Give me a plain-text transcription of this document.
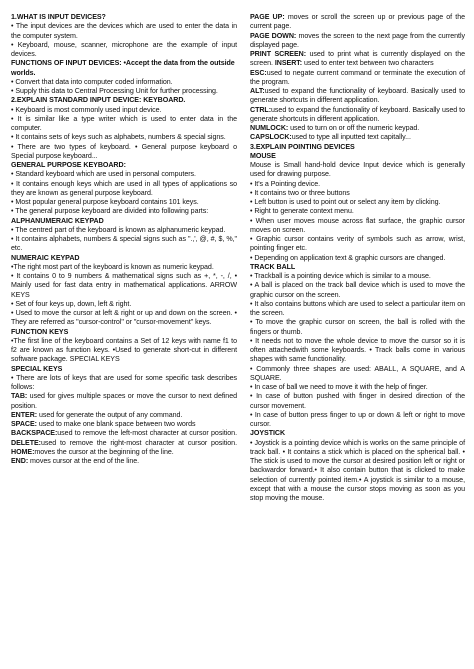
1.WHAT IS INPUT DEVICES?
• The input devices are the devices which are used to enter the data in the computer system.
• Keyboard, mouse, scanner, microphone are the example of input devices.
FUNCTIONS OF INPUT DEVICES: •Accept the data from the outside worlds.
• Convert that data into computer coded information.
• Supply this data to Central Processing Unit for further processing.
2.EXPLAIN STANDARD INPUT DEVICE: KEYBOARD.
• Keyboard is most commonly used input device.
• It is similar like a type writer which is used to enter data in the computer.
• It contains sets of keys such as alphabets, numbers & special signs.
• There are two types of keyboard. • General purpose keyboard o Special purpose keyboard...
GENERAL PURPOSE KEYBOARD:
• Standard keyboard which are used in personal computers.
• It contains enough keys which are used in all types of applications so they are known as general purpose keyboard.
• Most popular general purpose keyboard contains 101 keys.
• The general purpose keyboard are divided into following parts:
ALPHANUMERAIC KEYPAD
• The centred part of the keyboard is known as alphanumeric keypad.
• It contains alphabets, numbers & special signs such as ".,', @, #, $, %," etc.
NUMERAIC KEYPAD
•The right most part of the keyboard is known as numeric keypad.
• It contains 0 to 9 numbers & mathematical signs such as +, *, -, /, • Mainly used for fast data entry in mathematical applications. ARROW KEYS
• Set of four keys up, down, left & right.
• Used to move the cursor at left & right or up and down on the screen. • They are referred as "cursor-control" or "cursor-movement" keys.
FUNCTION KEYS
•The first line of the keyboard contains a Set of 12 keys with name f1 to f2 are known as function keys. •Used to generate short-cut in different software package. SPECIAL KEYS
SPECIAL KEYS
• There are lots of keys that are used for some specific task describes follows:
TAB: used for gives multiple spaces or move the cursor to next defined position.
ENTER: used for generate the output of any command.
SPACE: used to make one blank space between two words
BACKSPACE:used to remove the left-most character at cursor position. DELETE:used to remove the right-most character at cursor position. HOME:moves the cursor at the beginning of the line.
END: moves cursor at the end of the line.
PAGE UP: moves or scroll the screen up or previous page of the current page.
PAGE DOWN: moves the screen to the next page from the currently displayed page.
PRINT SCREEN: used to print what is currently displayed on the screen. INSERT: used to enter text between two characters
ESC:used to negate current command or terminate the execution of the program.
ALT:used to expand the functionality of keyboard. Basically used to generate shortcuts in different application.
CTRL:used to expand the functionality of keyboard. Basically used to generate shortcuts in different application.
NUMLOCK: used to turn on or off the numeric keypad.
CAPSLOCK:used to type all inputted text capitally...
3.EXPLAIN POINTING DEVICES
MOUSE
Mouse is Small hand-hold device Input device which is generally used for drawing purpose.
• It's a Pointing device.
• It contains two or three buttons
• Left button is used to point out or select any item by clicking.
• Right to generate context menu.
• When user moves mouse across flat surface, the graphic cursor moves on screen.
• Graphic cursor contains verity of symbols such as arrow, wrist, pointing finger etc.
• Depending on application text & graphic cursors are changed.
TRACK BALL
• Trackball is a pointing device which is similar to a mouse.
• A ball is placed on the track ball device which is used to move the graphic cursor on the screen.
• It also contains buttons which are used to select a particular item on the screen.
• To move the graphic cursor on screen, the ball is rolled with the fingers or thumb.
• It needs not to move the whole device to move the cursor so it is often attachedwith some keyboards. • Track balls come in various shapes with same functionality.
• Commonly three shapes are used: ABALL, A SQUARE, and A SQUARE.
• In case of ball we need to move it with the help of finger.
• In case of button pushed with finger in desired direction of the cursor movement.
• In case of button press finger to up or down & left or right to move cursor.
JOYSTICK
• Joystick is a pointing device which is works on the same principle of track ball. • It contains a stick which is placed on the spherical ball. • The stick is used to move the cursor at desired position left or right or backwardor forward.• It also contain button that is clicked to make selection of currently pointed item.• A joystick is similar to a mouse, except that with a mouse the cursor stops moving as soon as you stop moving the mouse.
